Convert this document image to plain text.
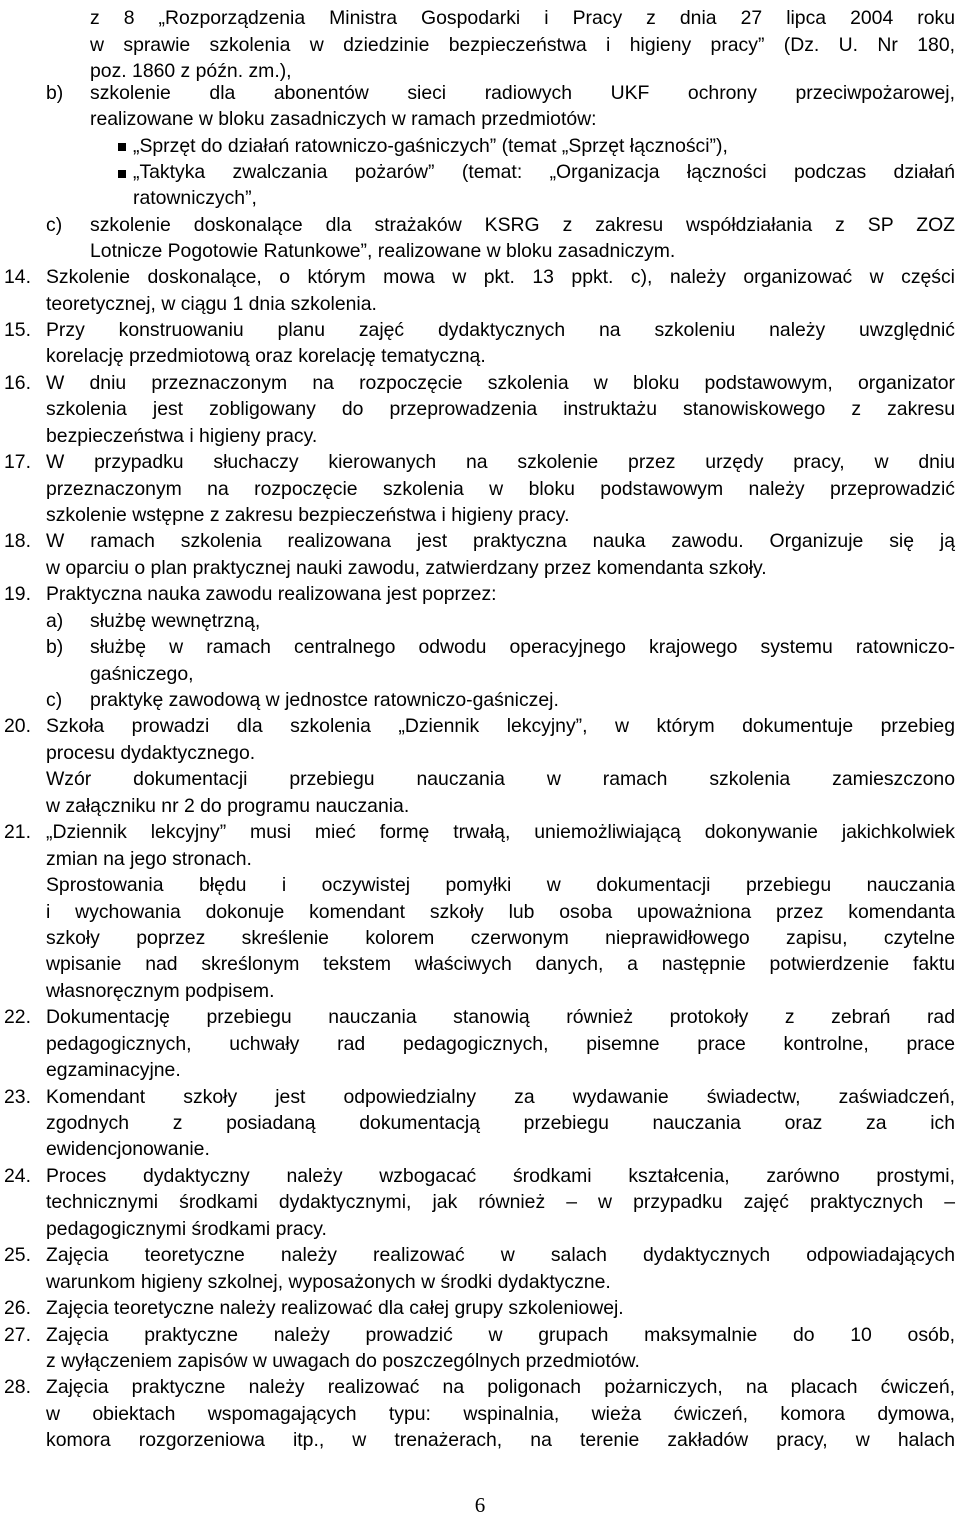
z 8 „Rozporządzenia Ministra Gospodarki i Pracy z dnia 27 lipca 2004 roku
w sprawie szkolenia w dziedzinie bezpieczeństwa i higieny pracy” (Dz. U. Nr 180,
poz. 1860 z późn. zm.),
b)	szkolenie dla abonentów sieci radiowych UKF ochrony przeciwpożarowej,
realizowane w bloku zasadniczych w ramach przedmiotów:
„Sprzęt do działań ratowniczo-gaśniczych” (temat „Sprzęt łączności”),
„Taktyka zwalczania pożarów” (temat: „Organizacja łączności podczas działań
ratowniczych”,
c)	szkolenie doskonalące dla strażaków KSRG z zakresu współdziałania z SP ZOZ
Lotnicze Pogotowie Ratunkowe”, realizowane w bloku zasadniczym.
14. Szkolenie doskonalące, o którym mowa w pkt. 13 ppkt. c), należy organizować w części
teoretycznej, w ciągu 1 dnia szkolenia.
15. Przy konstruowaniu planu zajęć dydaktycznych na szkoleniu należy uwzględnić
korelację przedmiotową oraz korelację tematyczną.
16. W dniu przeznaczonym na rozpoczęcie szkolenia w bloku podstawowym, organizator
szkolenia jest zobligowany do przeprowadzenia instruktażu stanowiskowego z zakresu
bezpieczeństwa i higieny pracy.
17. W przypadku słuchaczy kierowanych na szkolenie przez urzędy pracy, w dniu
przeznaczonym na rozpoczęcie szkolenia w bloku podstawowym należy przeprowadzić
szkolenie wstępne z zakresu bezpieczeństwa i higieny pracy.
18. W ramach szkolenia realizowana jest praktyczna nauka zawodu. Organizuje się ją
w oparciu o plan praktycznej nauki zawodu, zatwierdzany przez komendanta szkoły.
19. Praktyczna nauka zawodu realizowana jest poprzez:
a)	służbę wewnętrzną,
b)	służbę w ramach centralnego odwodu operacyjnego krajowego systemu ratowniczo-
gaśniczego,
c)	praktykę zawodową w jednostce ratowniczo-gaśniczej.
20. Szkoła prowadzi dla szkolenia „Dziennik lekcyjny”, w którym dokumentuje przebieg
procesu dydaktycznego.
Wzór dokumentacji przebiegu nauczania w ramach szkolenia zamieszczono
w załączniku nr 2 do programu nauczania.
21. „Dziennik lekcyjny” musi mieć formę trwałą, uniemożliwiającą dokonywanie jakichkolwiek
zmian na jego stronach.
Sprostowania błędu i oczywistej pomyłki w dokumentacji przebiegu nauczania
i wychowania dokonuje komendant szkoły lub osoba upoważniona przez komendanta
szkoły poprzez skreślenie kolorem czerwonym nieprawidłowego zapisu, czytelne
wpisanie nad skreślonym tekstem właściwych danych, a następnie potwierdzenie faktu
własnoręcznym podpisem.
22. Dokumentację przebiegu nauczania stanowią również protokoły z zebrań rad
pedagogicznych, uchwały rad pedagogicznych, pisemne prace kontrolne, prace
egzaminacyjne.
23. Komendant szkoły jest odpowiedzialny za wydawanie świadectw, zaświadczeń,
zgodnych z posiadaną dokumentacją przebiegu nauczania oraz za ich
ewidencjonowanie.
24. Proces dydaktyczny należy wzbogacać środkami kształcenia, zarówno prostymi,
technicznymi środkami dydaktycznymi, jak również – w przypadku zajęć praktycznych –
pedagogicznymi środkami pracy.
25. Zajęcia teoretyczne należy realizować w salach dydaktycznych odpowiadających
warunkom higieny szkolnej, wyposażonych w środki dydaktyczne.
26. Zajęcia teoretyczne należy realizować dla całej grupy szkoleniowej.
27. Zajęcia praktyczne należy prowadzić w grupach maksymalnie do 10 osób,
z wyłączeniem zapisów w uwagach do poszczególnych przedmiotów.
28. Zajęcia praktyczne należy realizować na poligonach pożarniczych, na placach ćwiczeń,
w obiektach wspomagających typu: wspinalnia, wieża ćwiczeń, komora dymowa,
komora rozgorzeniowa itp., w trenażerach, na terenie zakładów pracy, w halach
6
